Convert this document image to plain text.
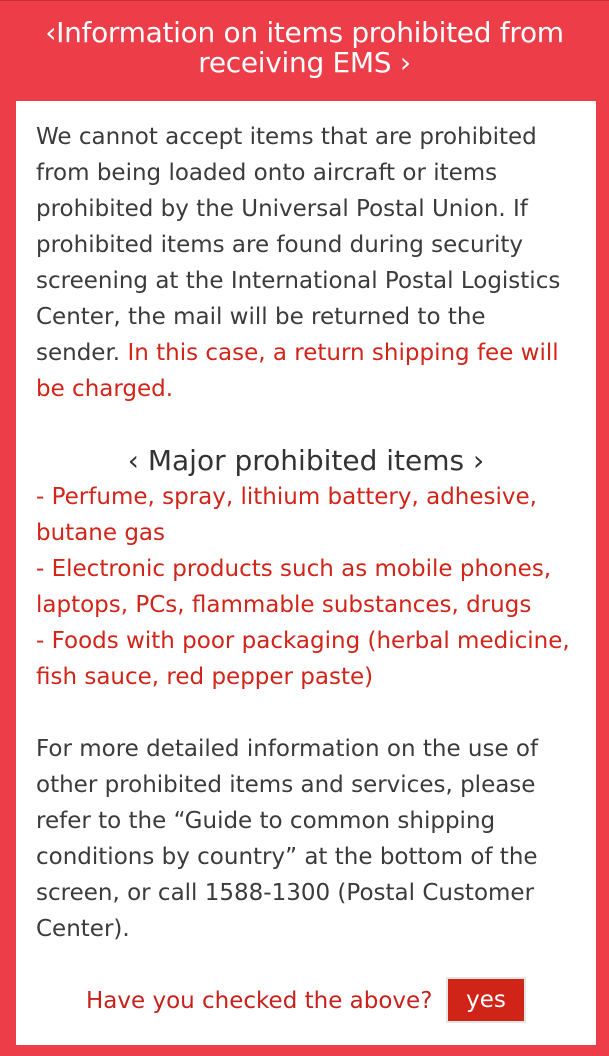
‹Information on items prohibited from
receiving EMS ›

We cannot accept items that are prohibited from being loaded onto aircraft or items prohibited by the Universal Postal Union. If prohibited items are found during security screening at the International Postal Logistics Center, the mail will be returned to the sender. In this case, a return shipping fee will be charged.

‹ Major prohibited items ›

- Perfume, spray, lithium battery, adhesive, butane gas

- Electronic products such as mobile phones, laptops, PCs, flammable substances, drugs

- Foods with poor packaging (herbal medicine, fish sauce, red pepper paste)

For more detailed information on the use of other prohibited items and services, please refer to the “Guide to common shipping conditions by country” at the bottom of the screen, or call 1588-1300 (Postal Customer Center).

Have you checked the above?	yes
